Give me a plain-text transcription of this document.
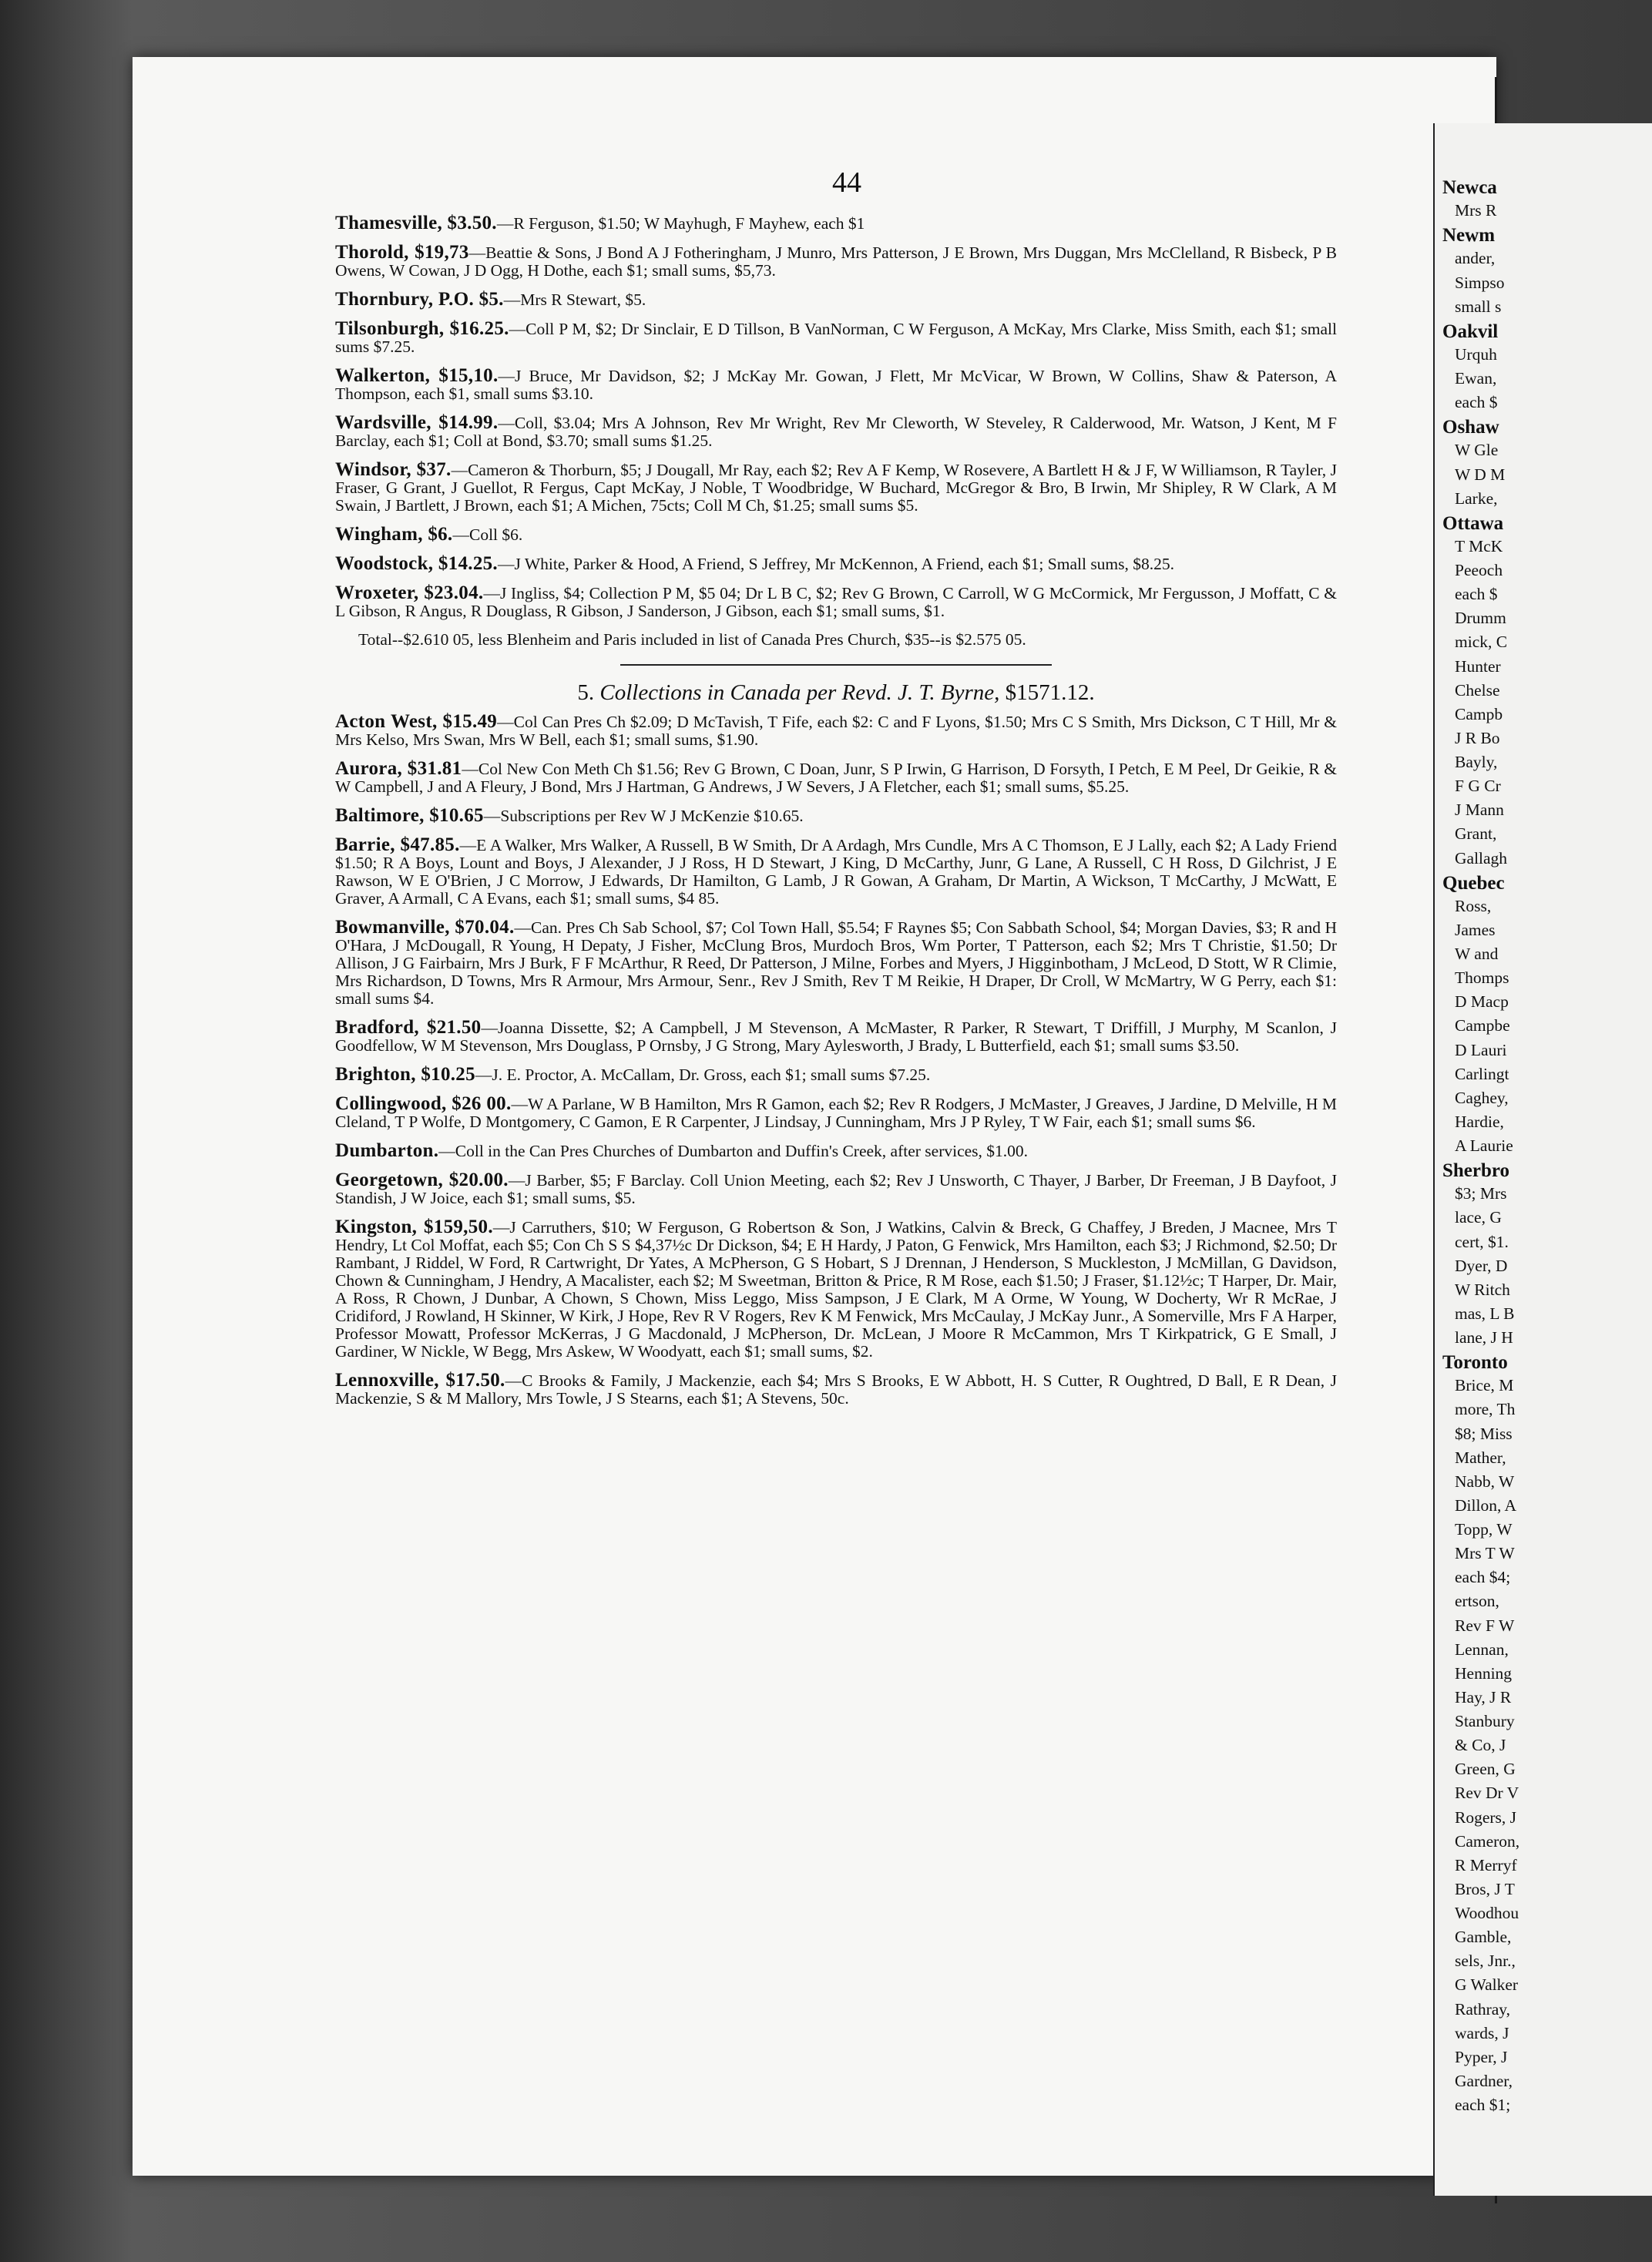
Newca
Mrs R
Newm
ander,
Simpso
small s
Oakvil
Urquh
Ewan,
each $
Oshaw
W Gle
W D M
Larke,
Ottawa
T McK
Peeoch
each $
Drumm
mick, C
Hunter
Chelse
Campb
J R Bo
Bayly,
F G Cr
J Mann
Grant,
Gallagh
Quebec
Ross,
James
W and
Thomps
D Macp
Campbe
D Lauri
Carlingt
Caghey,
Hardie,
A Laurie
Sherbro
$3; Mrs
lace, G
cert, $1.
Dyer, D
W Ritch
mas, L B
lane, J H
Toronto
Brice, M
more, Th
$8; Miss
Mather,
Nabb, W
Dillon, A
Topp, W
Mrs T W
each $4;
ertson,
Rev F W
Lennan,
Henning
Hay, J R
Stanbury
& Co, J
Green, G
Rev Dr V
Rogers, J
Cameron,
R Merryf
Bros, J T
Woodhou
Gamble,
sels, Jnr.,
G Walker
Rathray,
wards, J
Pyper, J
Gardner,
each $1;
44
Thamesville, $3.50.—R Ferguson, $1.50; W Mayhugh, F Mayhew, each $1
Thorold, $19,73—Beattie & Sons, J Bond A J Fotheringham, J Munro, Mrs Patterson, J E Brown, Mrs Duggan, Mrs McClelland, R Bisbeck, P B Owens, W Cowan, J D Ogg, H Dothe, each $1; small sums, $5,73.
Thornbury, P.O. $5.—Mrs R Stewart, $5.
Tilsonburgh, $16.25.—Coll P M, $2; Dr Sinclair, E D Tillson, B VanNorman, C W Ferguson, A McKay, Mrs Clarke, Miss Smith, each $1; small sums $7.25.
Walkerton, $15,10.—J Bruce, Mr Davidson, $2; J McKay Mr. Gowan, J Flett, Mr McVicar, W Brown, W Collins, Shaw & Paterson, A Thompson, each $1, small sums $3.10.
Wardsville, $14.99.—Coll, $3.04; Mrs A Johnson, Rev Mr Wright, Rev Mr Cleworth, W Steveley, R Calderwood, Mr. Watson, J Kent, M F Barclay, each $1; Coll at Bond, $3.70; small sums $1.25.
Windsor, $37.—Cameron & Thorburn, $5; J Dougall, Mr Ray, each $2; Rev A F Kemp, W Rosevere, A Bartlett H & J F, W Williamson, R Tayler, J Fraser, G Grant, J Guellot, R Fergus, Capt McKay, J Noble, T Woodbridge, W Buchard, McGregor & Bro, B Irwin, Mr Shipley, R W Clark, A M Swain, J Bartlett, J Brown, each $1; A Michen, 75cts; Coll M Ch, $1.25; small sums $5.
Wingham, $6.—Coll $6.
Woodstock, $14.25.—J White, Parker & Hood, A Friend, S Jeffrey, Mr McKennon, A Friend, each $1; Small sums, $8.25.
Wroxeter, $23.04.—J Ingliss, $4; Collection P M, $5 04; Dr L B C, $2; Rev G Brown, C Carroll, W G McCormick, Mr Fergusson, J Moffatt, C & L Gibson, R Angus, R Douglass, R Gibson, J Sanderson, J Gibson, each $1; small sums, $1.
Total--$2.610 05, less Blenheim and Paris included in list of Canada Pres Church, $35--is $2.575 05.
5. Collections in Canada per Revd. J. T. Byrne, $1571.12.
Acton West, $15.49—Col Can Pres Ch $2.09; D McTavish, T Fife, each $2: C and F Lyons, $1.50; Mrs C S Smith, Mrs Dickson, C T Hill, Mr & Mrs Kelso, Mrs Swan, Mrs W Bell, each $1; small sums, $1.90.
Aurora, $31.81—Col New Con Meth Ch $1.56; Rev G Brown, C Doan, Junr, S P Irwin, G Harrison, D Forsyth, I Petch, E M Peel, Dr Geikie, R & W Campbell, J and A Fleury, J Bond, Mrs J Hartman, G Andrews, J W Severs, J A Fletcher, each $1; small sums, $5.25.
Baltimore, $10.65—Subscriptions per Rev W J McKenzie $10.65.
Barrie, $47.85.—E A Walker, Mrs Walker, A Russell, B W Smith, Dr A Ardagh, Mrs Cundle, Mrs A C Thomson, E J Lally, each $2; A Lady Friend $1.50; R A Boys, Lount and Boys, J Alexander, J J Ross, H D Stewart, J King, D McCarthy, Junr, G Lane, A Russell, C H Ross, D Gilchrist, J E Rawson, W E O'Brien, J C Morrow, J Edwards, Dr Hamilton, G Lamb, J R Gowan, A Graham, Dr Martin, A Wickson, T McCarthy, J McWatt, E Graver, A Armall, C A Evans, each $1; small sums, $4 85.
Bowmanville, $70.04.—Can. Pres Ch Sab School, $7; Col Town Hall, $5.54; F Raynes $5; Con Sabbath School, $4; Morgan Davies, $3; R and H O'Hara, J McDougall, R Young, H Depaty, J Fisher, McClung Bros, Murdoch Bros, Wm Porter, T Patterson, each $2; Mrs T Christie, $1.50; Dr Allison, J G Fairbairn, Mrs J Burk, F F McArthur, R Reed, Dr Patterson, J Milne, Forbes and Myers, J Higginbotham, J McLeod, D Stott, W R Climie, Mrs Richardson, D Towns, Mrs R Armour, Mrs Armour, Senr., Rev J Smith, Rev T M Reikie, H Draper, Dr Croll, W McMartry, W G Perry, each $1: small sums $4.
Bradford, $21.50—Joanna Dissette, $2; A Campbell, J M Stevenson, A McMaster, R Parker, R Stewart, T Driffill, J Murphy, M Scanlon, J Goodfellow, W M Stevenson, Mrs Douglass, P Ornsby, J G Strong, Mary Aylesworth, J Brady, L Butterfield, each $1; small sums $3.50.
Brighton, $10.25—J. E. Proctor, A. McCallam, Dr. Gross, each $1; small sums $7.25.
Collingwood, $26 00.—W A Parlane, W B Hamilton, Mrs R Gamon, each $2; Rev R Rodgers, J McMaster, J Greaves, J Jardine, D Melville, H M Cleland, T P Wolfe, D Montgomery, C Gamon, E R Carpenter, J Lindsay, J Cunningham, Mrs J P Ryley, T W Fair, each $1; small sums $6.
Dumbarton.—Coll in the Can Pres Churches of Dumbarton and Duffin's Creek, after services, $1.00.
Georgetown, $20.00.—J Barber, $5; F Barclay. Coll Union Meeting, each $2; Rev J Unsworth, C Thayer, J Barber, Dr Freeman, J B Dayfoot, J Standish, J W Joice, each $1; small sums, $5.
Kingston, $159,50.—J Carruthers, $10; W Ferguson, G Robertson & Son, J Watkins, Calvin & Breck, G Chaffey, J Breden, J Macnee, Mrs T Hendry, Lt Col Moffat, each $5; Con Ch S S $4,37½c Dr Dickson, $4; E H Hardy, J Paton, G Fenwick, Mrs Hamilton, each $3; J Richmond, $2.50; Dr Rambant, J Riddel, W Ford, R Cartwright, Dr Yates, A McPherson, G S Hobart, S J Drennan, J Henderson, S Muckleston, J McMillan, G Davidson, Chown & Cunningham, J Hendry, A Macalister, each $2; M Sweetman, Britton & Price, R M Rose, each $1.50; J Fraser, $1.12½c; T Harper, Dr. Mair, A Ross, R Chown, J Dunbar, A Chown, S Chown, Miss Leggo, Miss Sampson, J E Clark, M A Orme, W Young, W Docherty, Wr R McRae, J Cridiford, J Rowland, H Skinner, W Kirk, J Hope, Rev R V Rogers, Rev K M Fenwick, Mrs McCaulay, J McKay Junr., A Somerville, Mrs F A Harper, Professor Mowatt, Professor McKerras, J G Macdonald, J McPherson, Dr. McLean, J Moore R McCammon, Mrs T Kirkpatrick, G E Small, J Gardiner, W Nickle, W Begg, Mrs Askew, W Woodyatt, each $1; small sums, $2.
Lennoxville, $17.50.—C Brooks & Family, J Mackenzie, each $4; Mrs S Brooks, E W Abbott, H. S Cutter, R Oughtred, D Ball, E R Dean, J Mackenzie, S & M Mallory, Mrs Towle, J S Stearns, each $1; A Stevens, 50c.
